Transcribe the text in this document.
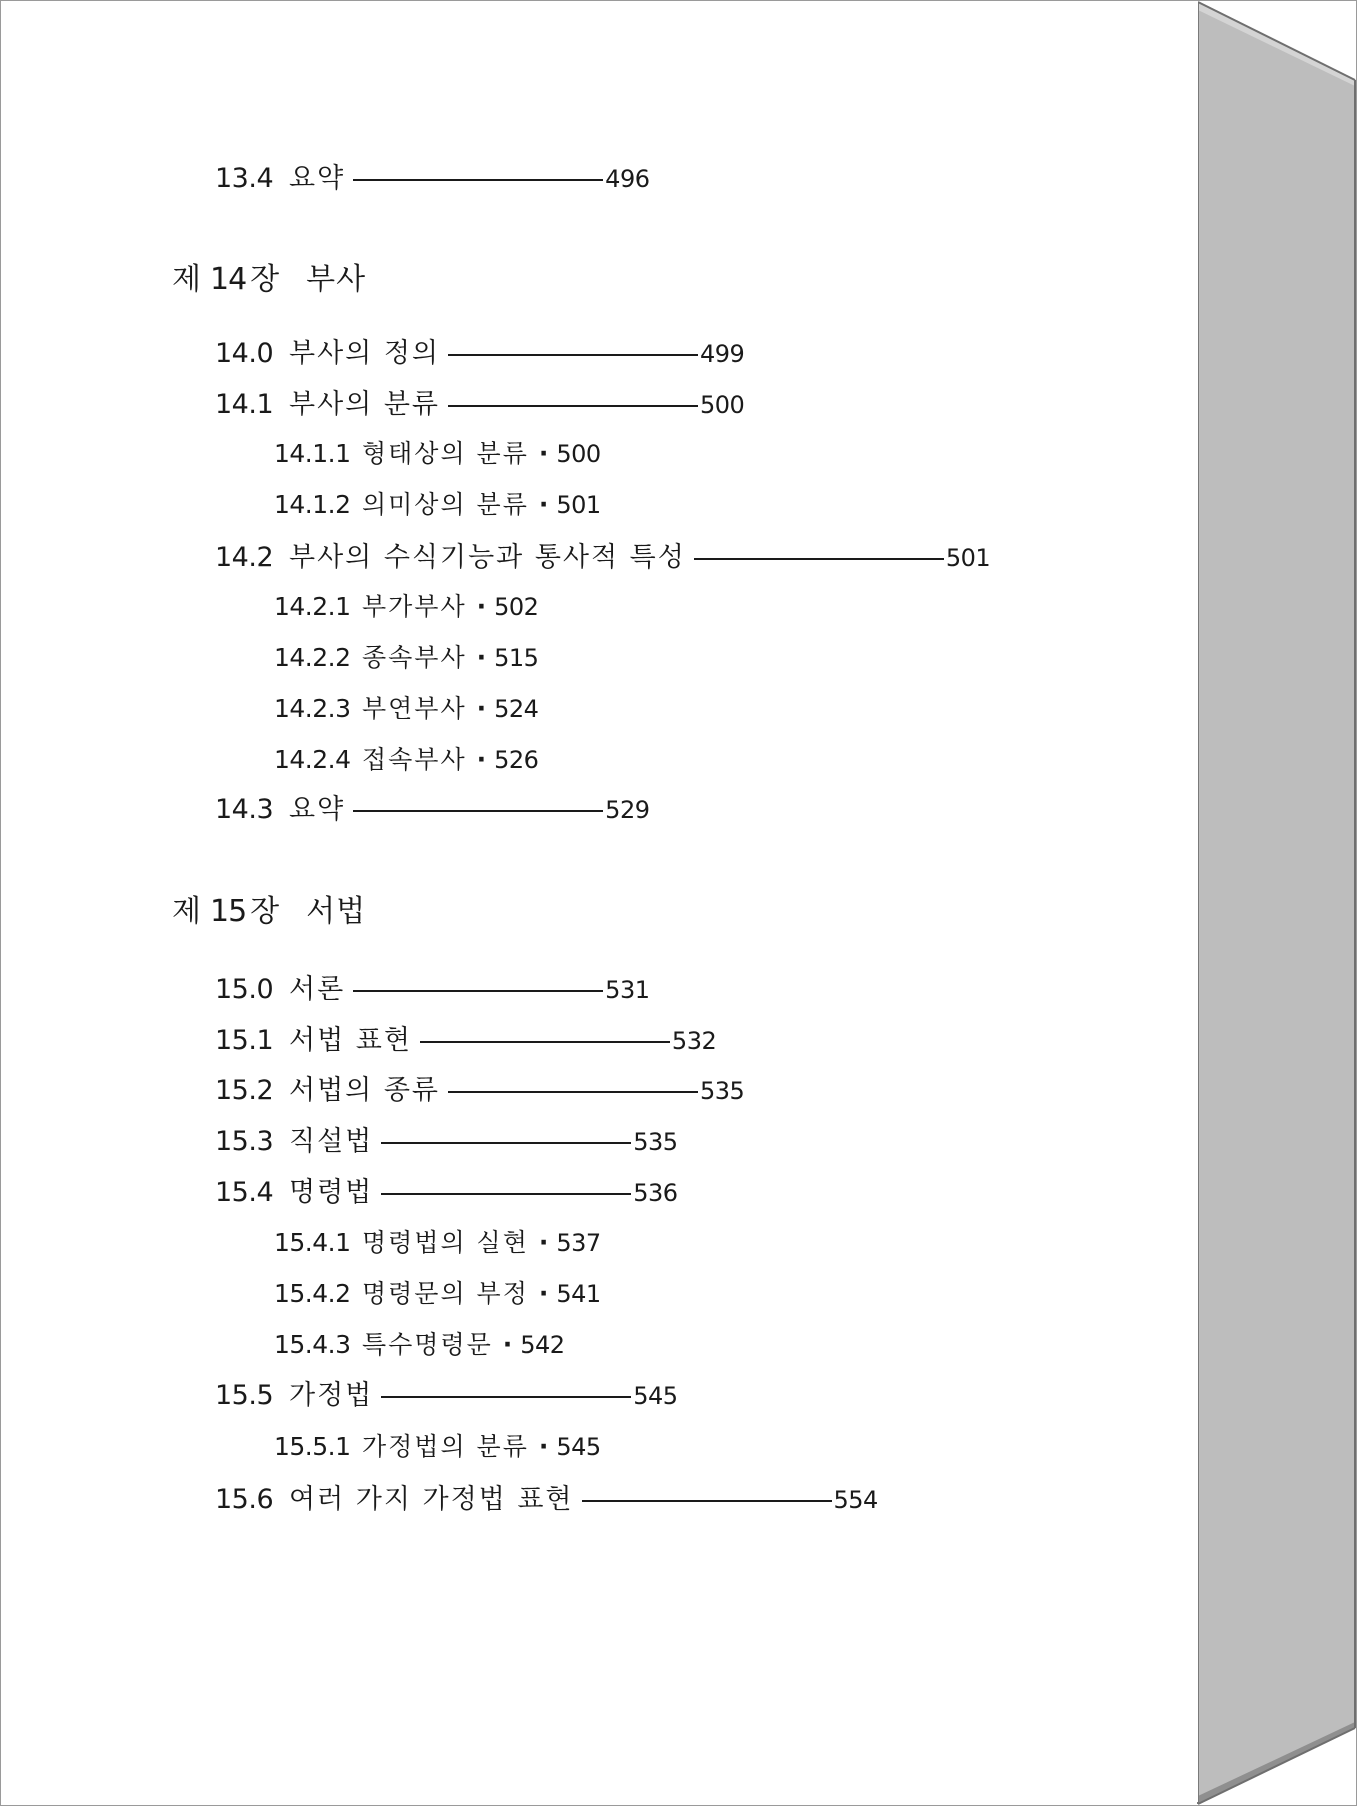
13.4 요약	496
제 14 장 부사
14.0 부사의 정의	499
14.1 부사의 분류	500
14.1.1 형태상의 분류 · 500
14.1.2 의미상의 분류 · 501
14.2 부사의 수식기능과 통사적 특성	501
14.2.1 부가부사 · 502
14.2.2 종속부사 · 515
14.2.3 부연부사 · 524
14.2.4 접속부사 · 526
14.3 요약	529
제 15 장 서법
15.0 서론	531
15.1 서법 표현	532
15.2 서법의 종류	535
15.3 직설법	535
15.4 명령법	536
15.4.1 명령법의 실현 · 537
15.4.2 명령문의 부정 · 541
15.4.3 특수명령문 · 542
15.5 가정법	545
15.5.1 가정법의 분류 · 545
15.6 여러 가지 가정법 표현	554
